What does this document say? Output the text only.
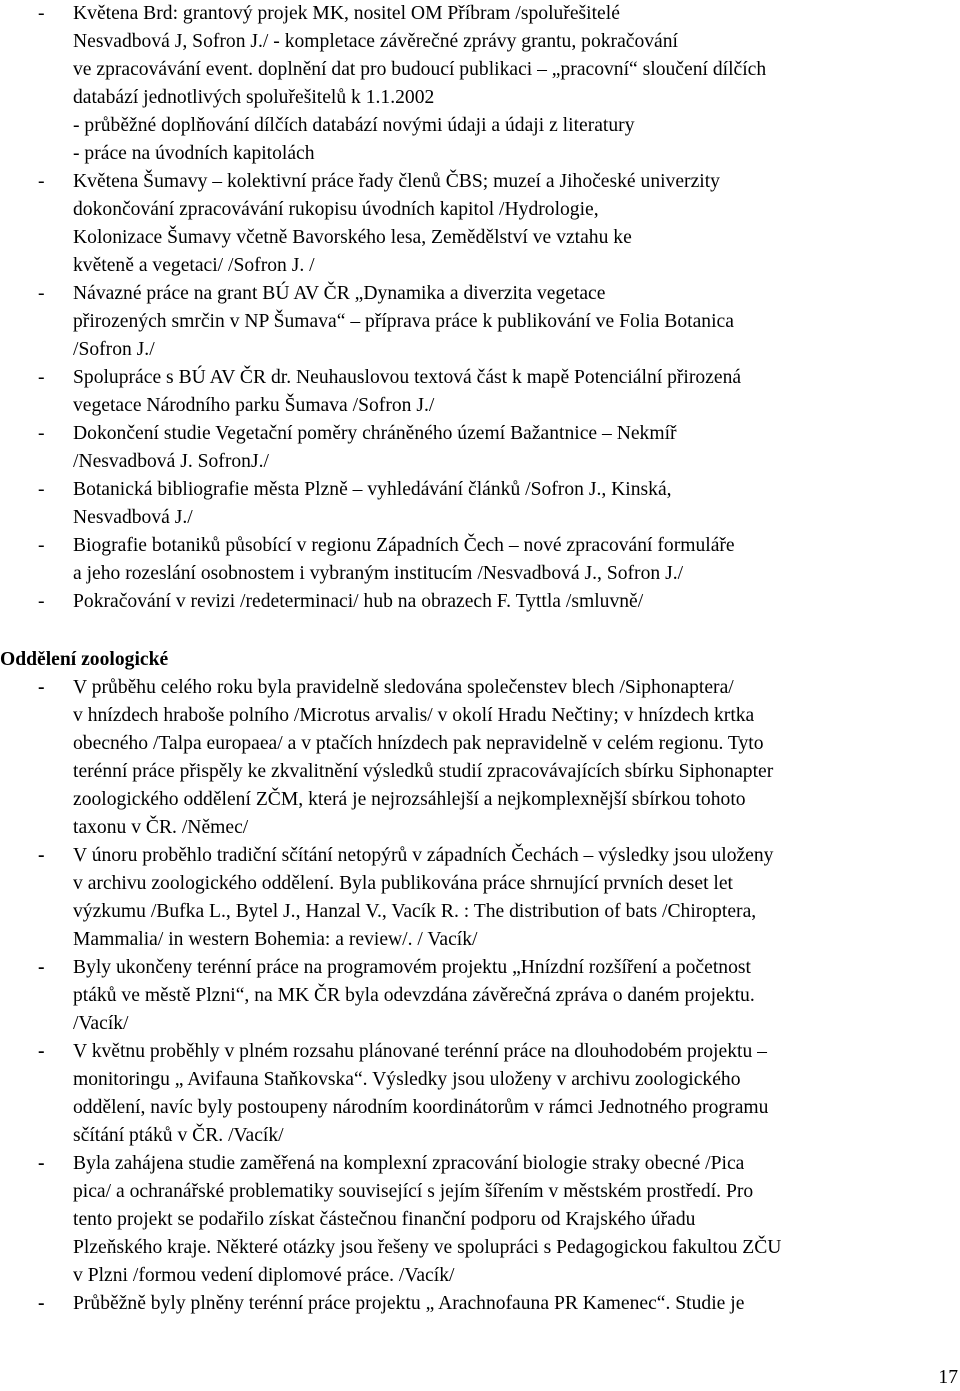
-	Květena Brd: grantový projek MK, nositel OM Příbram /spoluřešitelé
Nesvadbová J, Sofron J./ - kompletace závěrečné zprávy grantu, pokračování
ve zpracovávání event. doplnění dat pro budoucí publikaci – „pracovní“ sloučení dílčích
databází jednotlivých spoluřešitelů k 1.1.2002
- průběžné doplňování dílčích databází novými údaji a údaji z literatury
- práce na úvodních kapitolách
-	Květena Šumavy – kolektivní práce řady členů ČBS; muzeí a Jihočeské univerzity
dokončování zpracovávání rukopisu úvodních kapitol /Hydrologie,
Kolonizace Šumavy včetně Bavorského lesa, Zemědělství ve vztahu ke
květeně a vegetaci/ /Sofron J. /
-	Návazné práce na grant BÚ AV ČR „Dynamika a diverzita vegetace
přirozených smrčin v NP Šumava“ – příprava práce k publikování ve Folia Botanica
/Sofron J./
-	Spolupráce s BÚ AV ČR dr. Neuhauslovou textová část k mapě Potenciální přirozená
vegetace Národního parku Šumava /Sofron J./
-	Dokončení studie Vegetační poměry chráněného území Bažantnice – Nekmíř
/Nesvadbová J. SofronJ./
-	Botanická bibliografie města Plzně – vyhledávání článků /Sofron J., Kinská,
Nesvadbová J./
-	Biografie botaniků působící v regionu Západních Čech – nové zpracování formuláře
a jeho rozeslání osobnostem i vybraným institucím /Nesvadbová J., Sofron J./
-	Pokračování v revizi /redeterminaci/ hub na obrazech F. Tyttla /smluvně/
Oddělení zoologické
-	V průběhu celého roku byla pravidelně sledována společenstev blech /Siphonaptera/
v hnízdech hraboše polního /Microtus arvalis/ v okolí Hradu Nečtiny; v hnízdech krtka
obecného /Talpa europaea/ a v ptačích hnízdech pak nepravidelně v celém regionu. Tyto
terénní práce přispěly ke zkvalitnění výsledků studií zpracovávajících sbírku Siphonapter
zoologického oddělení ZČM, která je nejrozsáhlejší a nejkomplexnější sbírkou tohoto
taxonu v ČR. /Němec/
-	V únoru proběhlo tradiční sčítání netopýrů v západních Čechách – výsledky jsou uloženy
v archivu zoologického oddělení. Byla publikována práce shrnující prvních deset let
výzkumu /Bufka L., Bytel J., Hanzal V., Vacík R. : The distribution of bats /Chiroptera,
Mammalia/ in western Bohemia: a review/. / Vacík/
-	Byly ukončeny terénní práce na programovém projektu „Hnízdní rozšíření a početnost
ptáků ve městě Plzni“, na MK ČR byla odevzdána závěrečná zpráva o daném projektu.
/Vacík/
-	V květnu proběhly v plném rozsahu plánované terénní práce na dlouhodobém projektu –
monitoringu „ Avifauna Staňkovska“. Výsledky jsou uloženy v archivu zoologického
oddělení, navíc byly postoupeny národním koordinátorům v rámci Jednotného programu
sčítání ptáků v ČR. /Vacík/
-	Byla zahájena studie zaměřená na komplexní zpracování biologie straky obecné /Pica
pica/ a ochranářské problematiky související s jejím šířením v městském prostředí. Pro
tento projekt se podařilo získat částečnou finanční podporu od Krajského úřadu
Plzeňského kraje. Některé otázky jsou řešeny ve spolupráci s Pedagogickou fakultou ZČU
v Plzni /formou vedení diplomové práce. /Vacík/
-	Průběžně byly plněny terénní práce projektu „ Arachnofauna PR Kamenec“. Studie je
17
